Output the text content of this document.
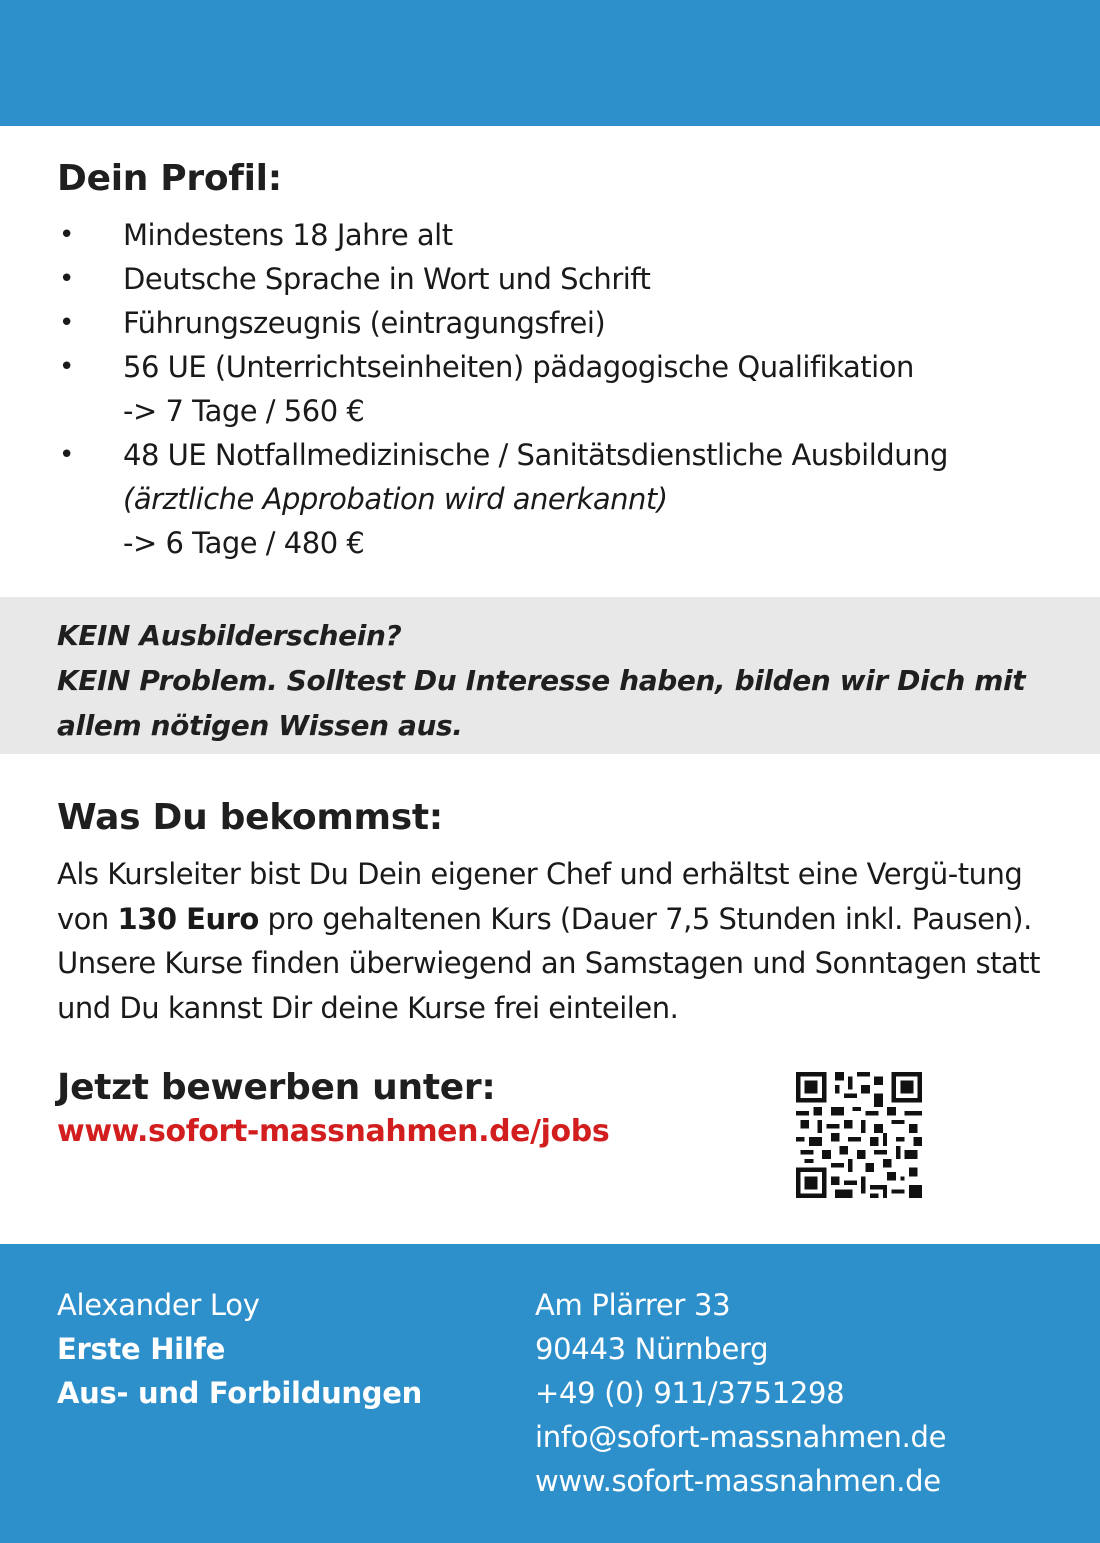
Dein Profil:
• Mindestens 18 Jahre alt
• Deutsche Sprache in Wort und Schrift
• Führungszeugnis (eintragungsfrei)
• 56 UE (Unterrichtseinheiten) pädagogische Qualifikation
-> 7 Tage / 560 €
• 48 UE Notfallmedizinische / Sanitätsdienstliche Ausbildung
(ärztliche Approbation wird anerkannt)
-> 6 Tage / 480 €
KEIN Ausbilderschein?
KEIN Problem. Solltest Du Interesse haben, bilden wir Dich mit
allem nötigen Wissen aus.
Was Du bekommst:

Als Kursleiter bist Du Dein eigener Chef und erhältst eine Vergü-tung von 130 Euro pro gehaltenen Kurs (Dauer 7,5 Stunden inkl. Pausen). Unsere Kurse finden überwiegend an Samstagen und Sonntagen statt und Du kannst Dir deine Kurse frei einteilen.

Jetzt bewerben unter:
www.sofort-massnahmen.de/jobs
Alexander Loy
Erste Hilfe
Aus- und Forbildungen
Am Plärrer 33
90443 Nürnberg
+49 (0) 911/3751298
info@sofort-massnahmen.de
www.sofort-massnahmen.de
